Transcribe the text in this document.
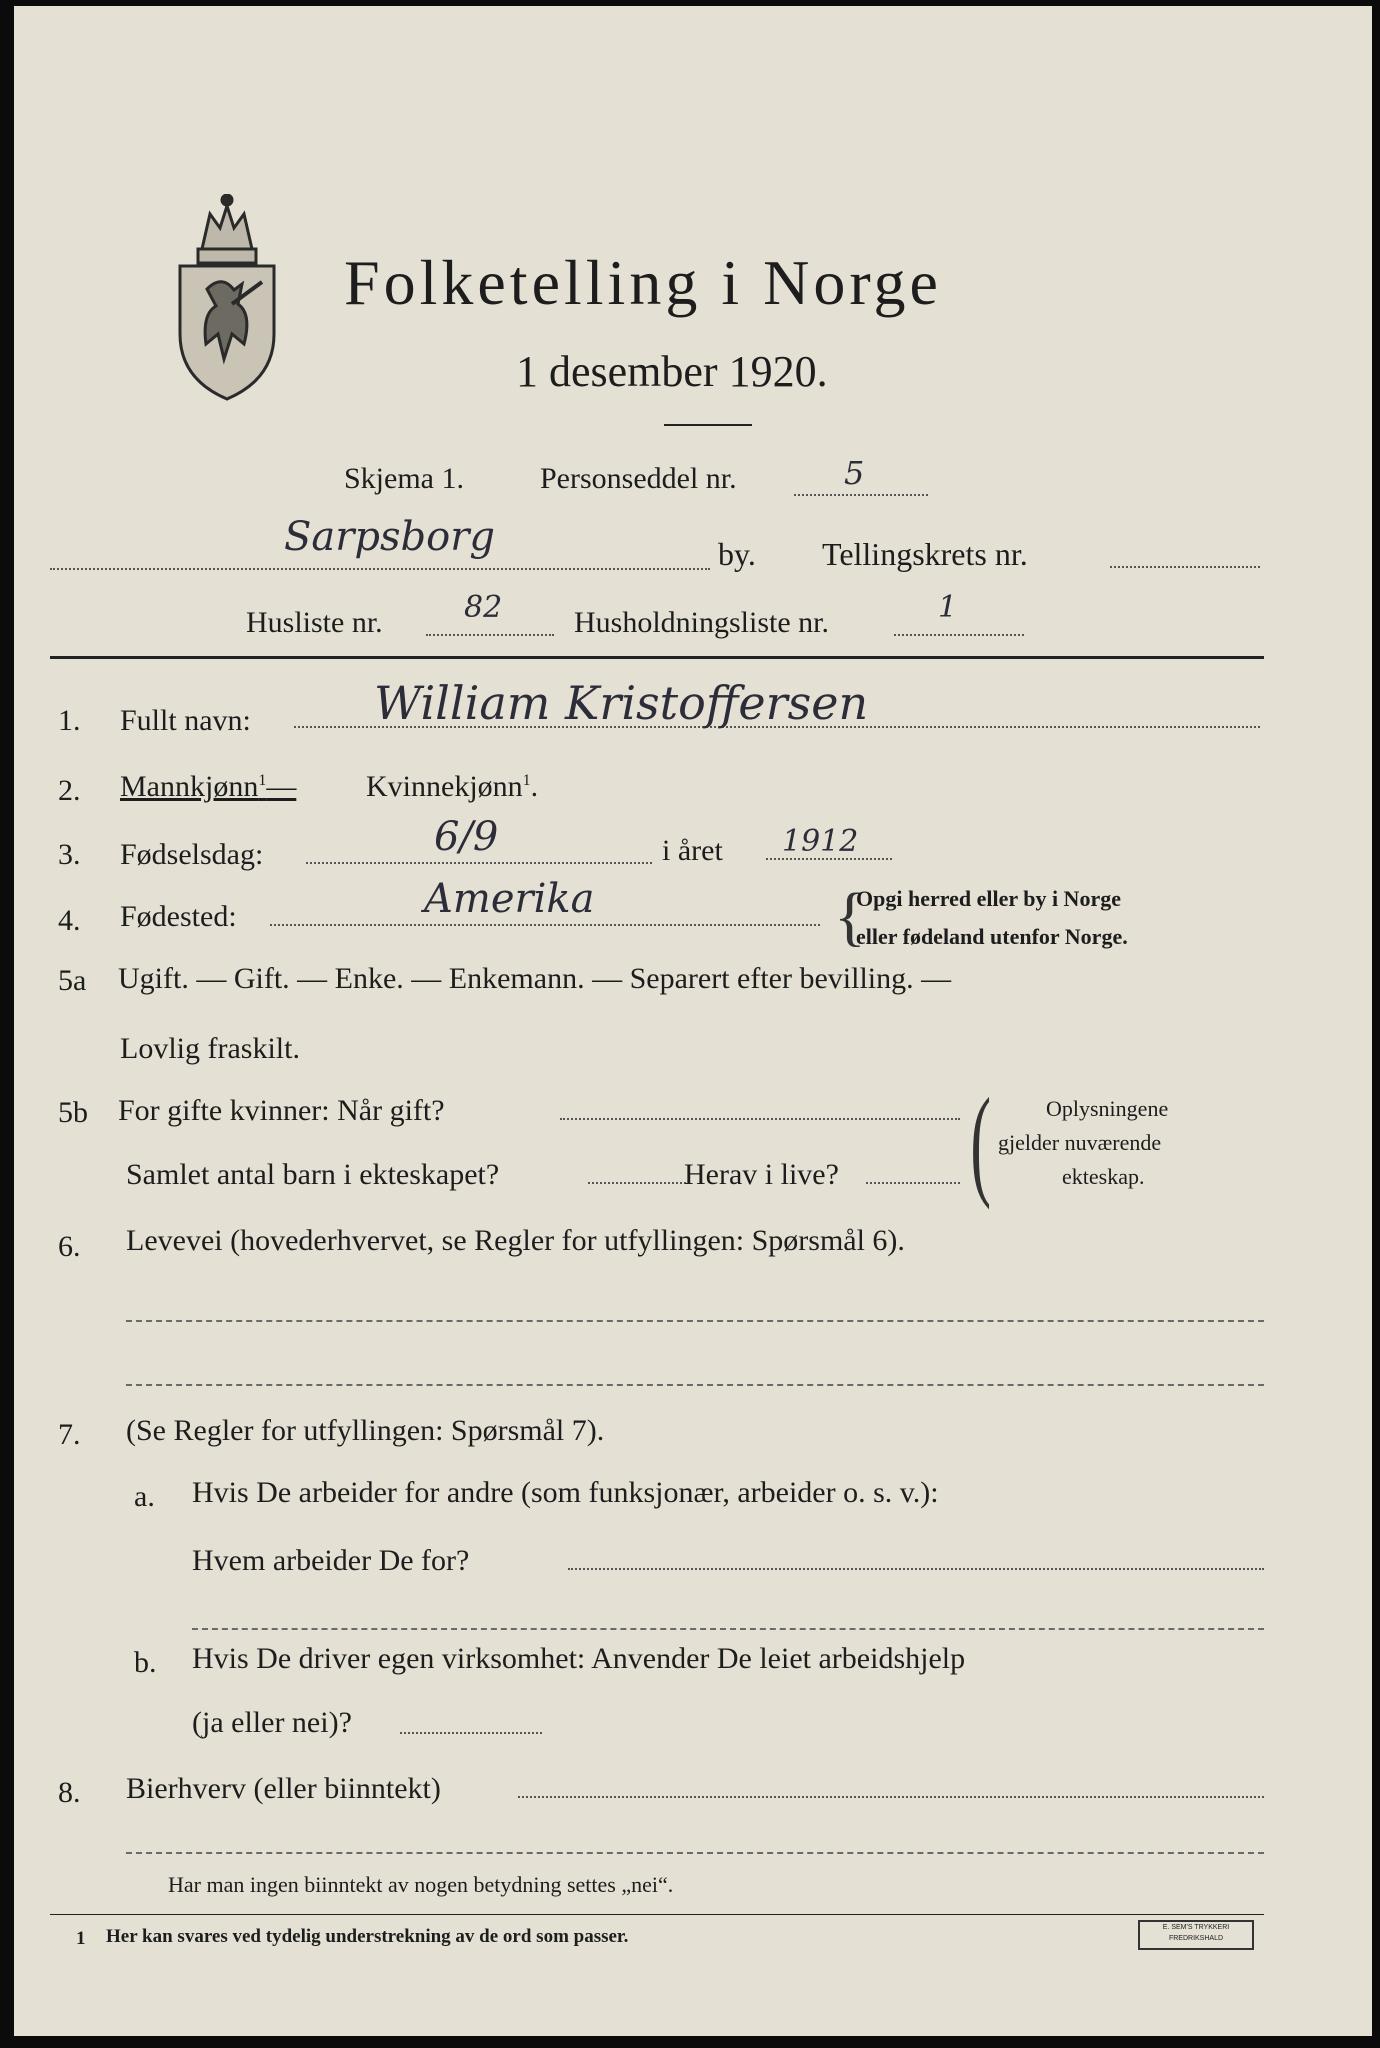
Folketelling i Norge
1 desember 1920.
Skjema 1.	Personseddel nr.	5
Sarpsborg	by. Tellingskrets nr.
Husliste nr.	82 Husholdningsliste nr.	1
1. Fullt navn:	William Kristoffersen
2. Mannkjønn$^1$— Kvinnekjønn$^1$.
3. Fødselsdag:	6/9	i året 1912
4. Fødested:	Amerika	{
Opgi herred eller by i Norge
eller fødeland utenfor Norge.
5a Ugift. — Gift. — Enke. — Enkemann. — Separert efter bevilling. —
Lovlig fraskilt.
5b For gifte kvinner: Når gift?
Samlet antal barn i ekteskapet?	Herav i live? (	Oplysningene
gjelder nuværende
ekteskap.
6. Levevei (hovederhvervet, se Regler for utfyllingen: Spørsmål 6).
7. (Se Regler for utfyllingen: Spørsmål 7).
a. Hvis De arbeider for andre (som funksjonær, arbeider o. s. v.):
Hvem arbeider De for?
b. Hvis De driver egen virksomhet: Anvender De leiet arbeidshjelp
(ja eller nei)?
8. Bierhverv (eller biinntekt)
Har man ingen biinntekt av nogen betydning settes „nei“.
1 Her kan svares ved tydelig understrekning av de ord som passer.	E. SEM'S TRYKKERI FREDRIKSHALD
